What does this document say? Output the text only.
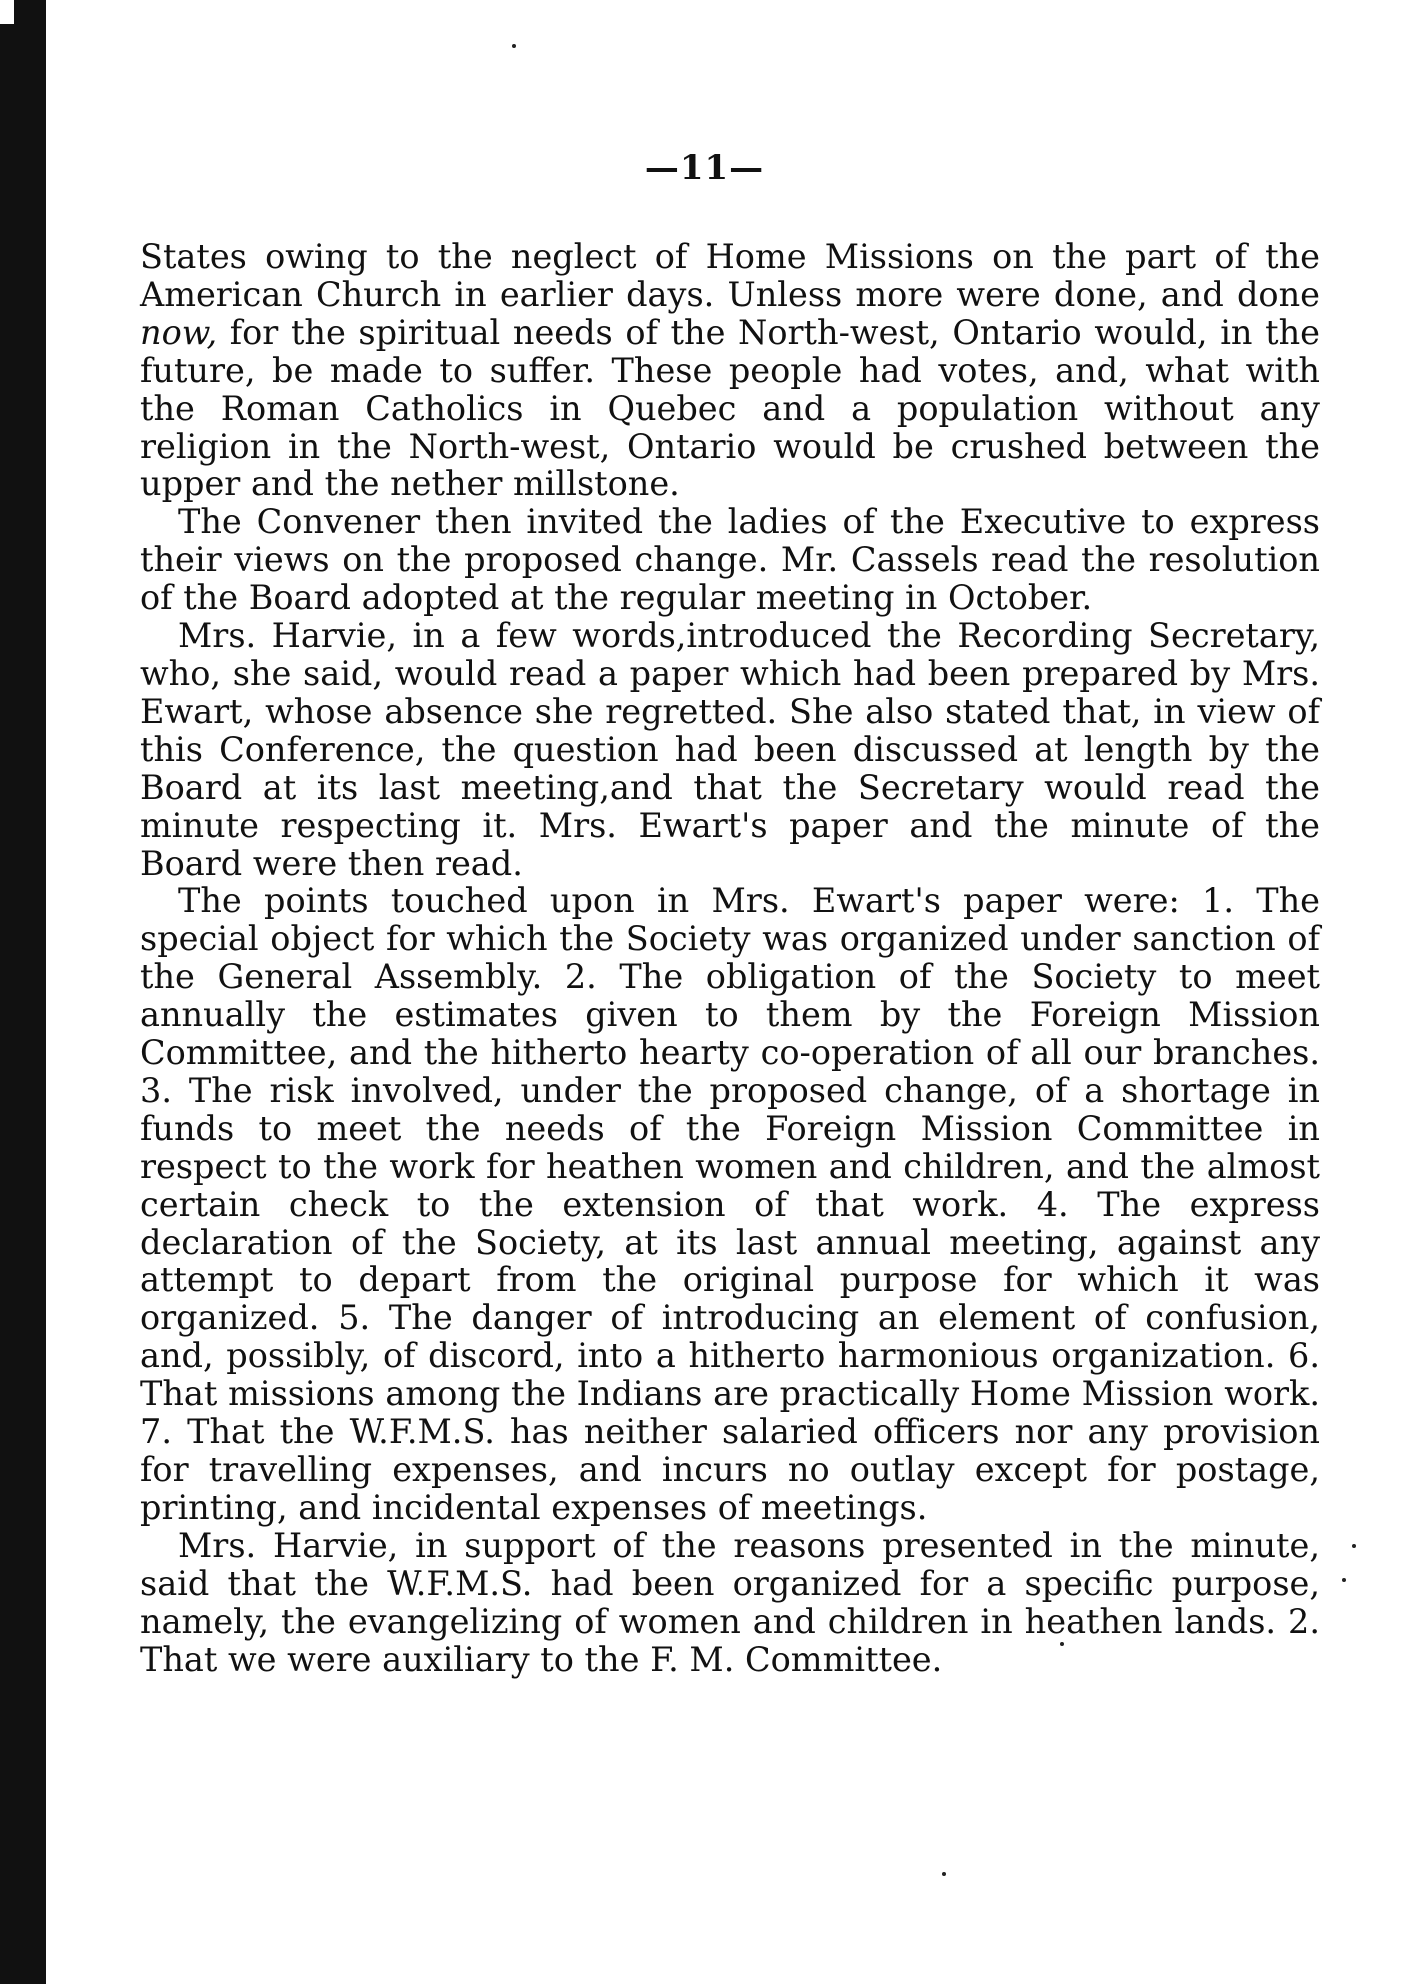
—11—

States owing to the neglect of Home Missions on the part of the American Church in earlier days. Unless more were done, and done now, for the spiritual needs of the North-west, Ontario would, in the future, be made to suffer. These people had votes, and, what with the Roman Catholics in Quebec and a population without any religion in the North-west, Ontario would be crushed between the upper and the nether millstone.

The Convener then invited the ladies of the Executive to express their views on the proposed change. Mr. Cassels read the resolution of the Board adopted at the regular meeting in October.

Mrs. Harvie, in a few words,introduced the Recording Secretary, who, she said, would read a paper which had been prepared by Mrs. Ewart, whose absence she regretted. She also stated that, in view of this Conference, the question had been discussed at length by the Board at its last meeting,and that the Secretary would read the minute respecting it. Mrs. Ewart's paper and the minute of the Board were then read.

The points touched upon in Mrs. Ewart's paper were: 1. The special object for which the Society was organized under sanction of the General Assembly. 2. The obligation of the Society to meet annually the estimates given to them by the Foreign Mission Committee, and the hitherto hearty co-operation of all our branches. 3. The risk involved, under the proposed change, of a shortage in funds to meet the needs of the Foreign Mission Committee in respect to the work for heathen women and children, and the almost certain check to the extension of that work. 4. The express declaration of the Society, at its last annual meeting, against any attempt to depart from the original purpose for which it was organized. 5. The danger of introducing an element of confusion, and, possibly, of discord, into a hitherto harmonious organization. 6. That missions among the Indians are practically Home Mission work. 7. That the W.F.M.S. has neither salaried officers nor any provision for travelling expenses, and incurs no outlay except for postage, printing, and incidental expenses of meetings.

Mrs. Harvie, in support of the reasons presented in the minute, said that the W.F.M.S. had been organized for a specific purpose, namely, the evangelizing of women and children in heathen lands. 2. That we were auxiliary to the F. M. Committee.
